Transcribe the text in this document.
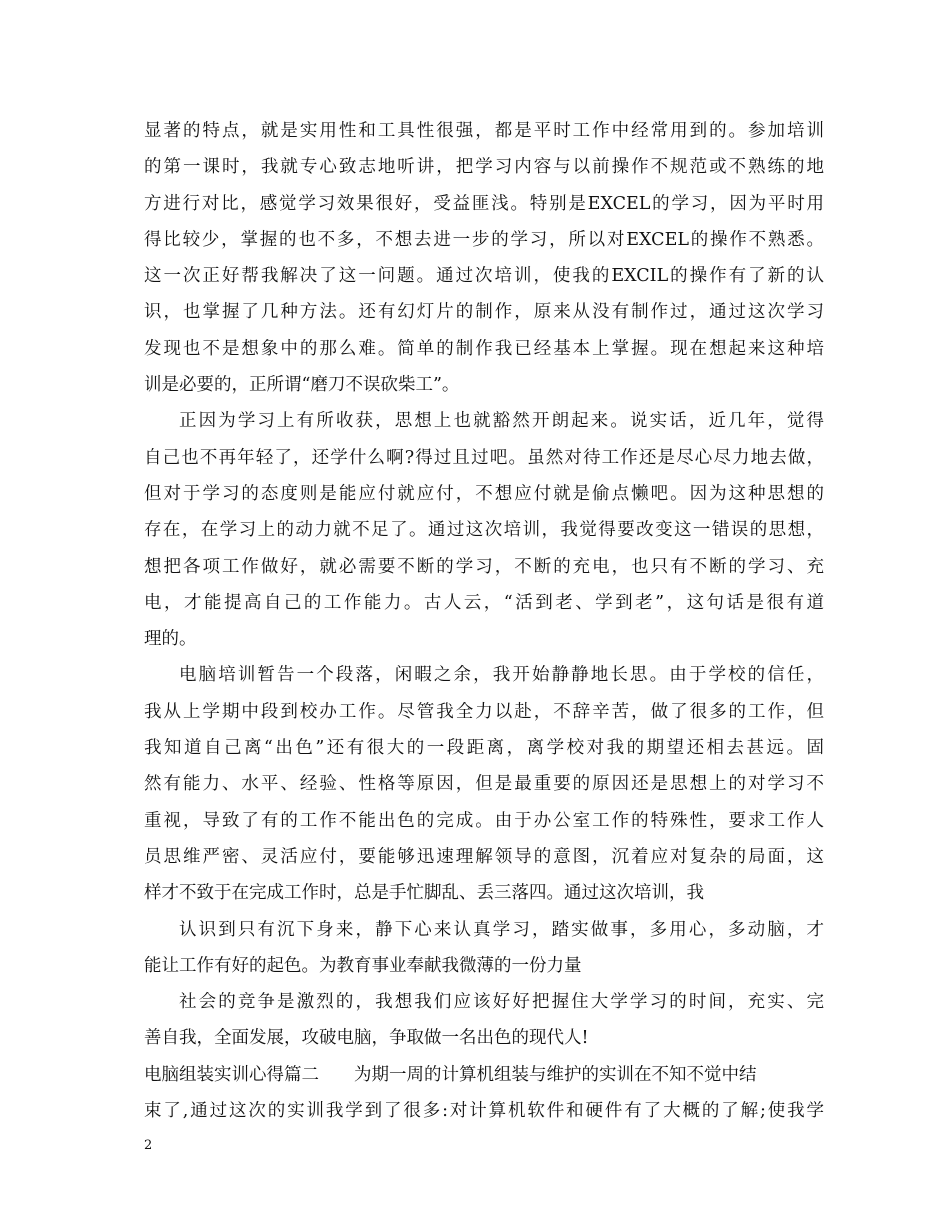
显著的特点，就是实用性和工具性很强，都是平时工作中经常用到的。参加培训
的第一课时，我就专心致志地听讲，把学习内容与以前操作不规范或不熟练的地
方进行对比，感觉学习效果很好，受益匪浅。特别是EXCEL的学习，因为平时用
得比较少，掌握的也不多，不想去进一步的学习，所以对EXCEL的操作不熟悉。
这一次正好帮我解决了这一问题。通过次培训，使我的EXCIL的操作有了新的认
识，也掌握了几种方法。还有幻灯片的制作，原来从没有制作过，通过这次学习
发现也不是想象中的那么难。简单的制作我已经基本上掌握。现在想起来这种培
训是必要的，正所谓“磨刀不误砍柴工”。
正因为学习上有所收获，思想上也就豁然开朗起来。说实话，近几年，觉得
自己也不再年轻了，还学什么啊?得过且过吧。虽然对待工作还是尽心尽力地去做，
但对于学习的态度则是能应付就应付，不想应付就是偷点懒吧。因为这种思想的
存在，在学习上的动力就不足了。通过这次培训，我觉得要改变这一错误的思想，
想把各项工作做好，就必需要不断的学习，不断的充电，也只有不断的学习、充
电，才能提高自己的工作能力。古人云，“活到老、学到老”，这句话是很有道
理的。
电脑培训暂告一个段落，闲暇之余，我开始静静地长思。由于学校的信任，
我从上学期中段到校办工作。尽管我全力以赴，不辞辛苦，做了很多的工作，但
我知道自己离“出色”还有很大的一段距离，离学校对我的期望还相去甚远。固
然有能力、水平、经验、性格等原因，但是最重要的原因还是思想上的对学习不
重视，导致了有的工作不能出色的完成。由于办公室工作的特殊性，要求工作人
员思维严密、灵活应付，要能够迅速理解领导的意图，沉着应对复杂的局面，这
样才不致于在完成工作时，总是手忙脚乱、丢三落四。通过这次培训，我
认识到只有沉下身来，静下心来认真学习，踏实做事，多用心，多动脑，才
能让工作有好的起色。为教育事业奉献我微薄的一份力量
社会的竞争是激烈的，我想我们应该好好把握住大学学习的时间，充实、完
善自我，全面发展，攻破电脑，争取做一名出色的现代人!
电脑组装实训心得篇二　　为期一周的计算机组装与维护的实训在不知不觉中结
束了,通过这次的实训我学到了很多:对计算机软件和硬件有了大概的了解;使我学
2
